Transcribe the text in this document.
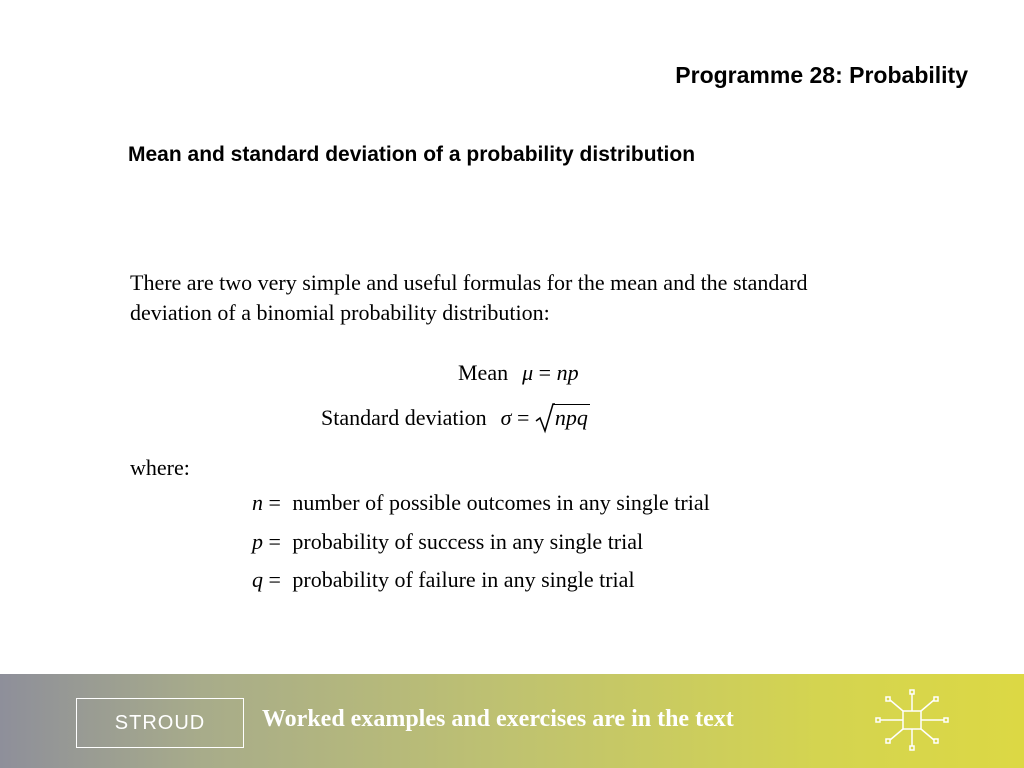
Programme 28: Probability
Mean and standard deviation of a probability distribution
There are two very simple and useful formulas for the mean and the standard
deviation of a binomial probability distribution:
Mean μ = np
Standard deviation σ = npq
where:
n = number of possible outcomes in any single trial
p = probability of success in any single trial
q = probability of failure in any single trial
STROUD	Worked examples and exercises are in the text
